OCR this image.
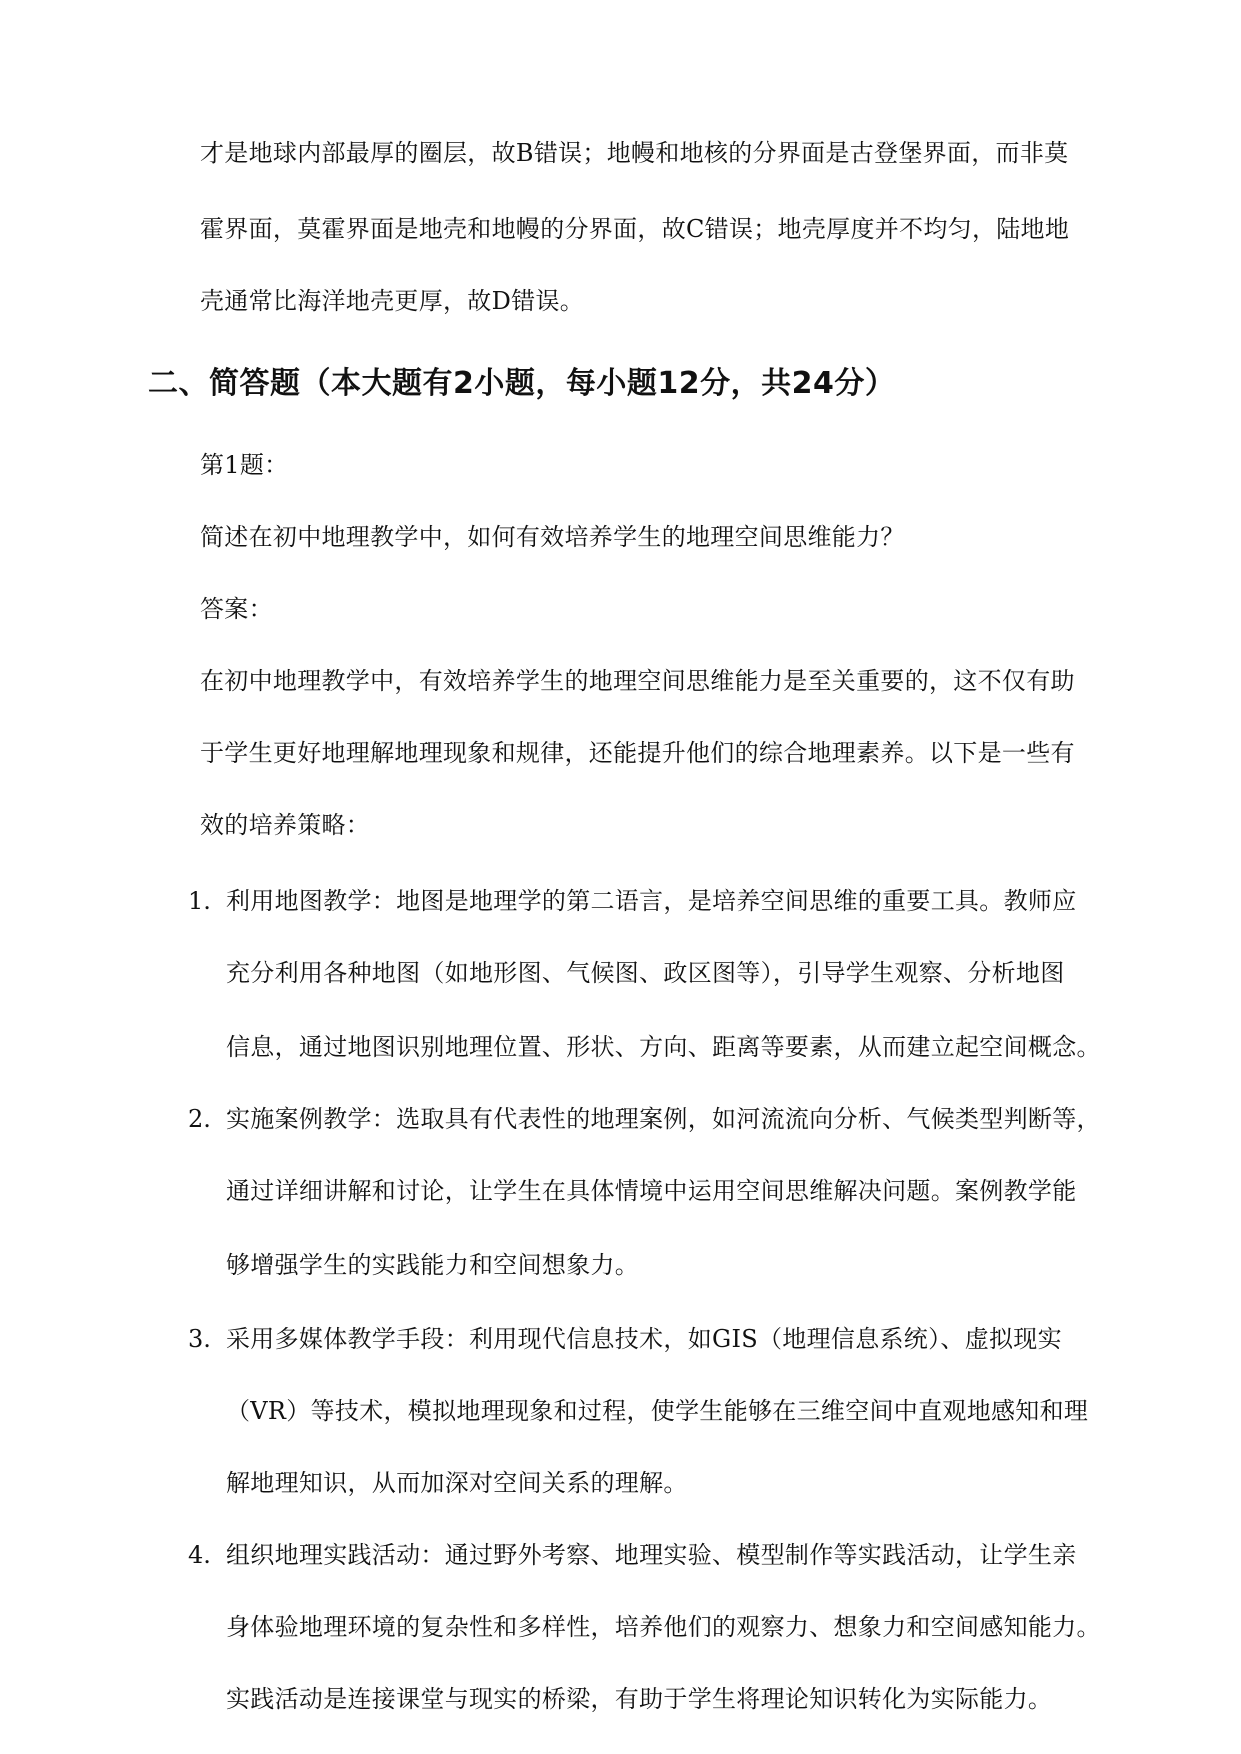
才是地球内部最厚的圈层，故B错误；地幔和地核的分界面是古登堡界面，而非莫
霍界面，莫霍界面是地壳和地幔的分界面，故C错误；地壳厚度并不均匀，陆地地
壳通常比海洋地壳更厚，故D错误。
二、简答题（本大题有2小题，每小题12分，共24分）
第1题：
简述在初中地理教学中，如何有效培养学生的地理空间思维能力？
答案：
在初中地理教学中，有效培养学生的地理空间思维能力是至关重要的，这不仅有助
于学生更好地理解地理现象和规律，还能提升他们的综合地理素养。以下是一些有
效的培养策略：
1. 利用地图教学：地图是地理学的第二语言，是培养空间思维的重要工具。教师应
充分利用各种地图（如地形图、气候图、政区图等），引导学生观察、分析地图
信息，通过地图识别地理位置、形状、方向、距离等要素，从而建立起空间概念。
2. 实施案例教学：选取具有代表性的地理案例，如河流流向分析、气候类型判断等，
通过详细讲解和讨论，让学生在具体情境中运用空间思维解决问题。案例教学能
够增强学生的实践能力和空间想象力。
3. 采用多媒体教学手段：利用现代信息技术，如GIS（地理信息系统）、虚拟现实
（VR）等技术，模拟地理现象和过程，使学生能够在三维空间中直观地感知和理
解地理知识，从而加深对空间关系的理解。
4. 组织地理实践活动：通过野外考察、地理实验、模型制作等实践活动，让学生亲
身体验地理环境的复杂性和多样性，培养他们的观察力、想象力和空间感知能力。
实践活动是连接课堂与现实的桥梁，有助于学生将理论知识转化为实际能力。
